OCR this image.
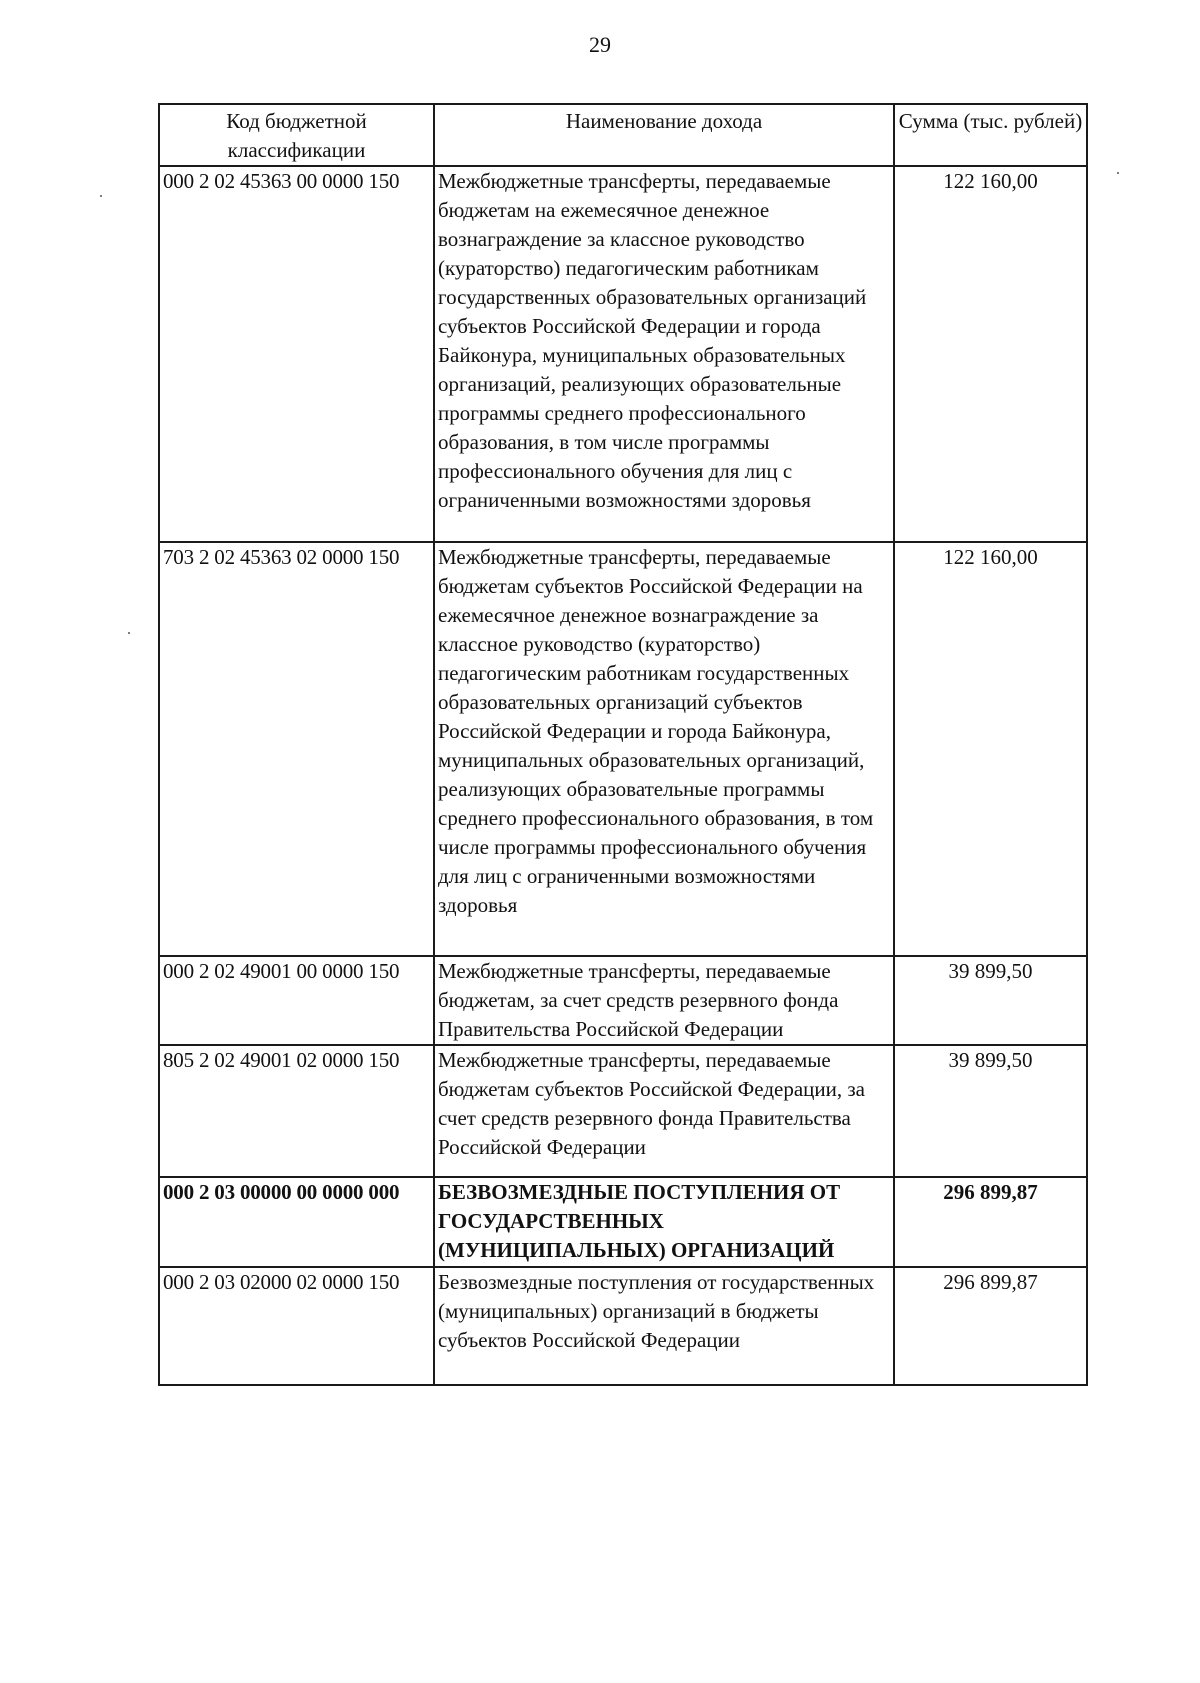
29
Код бюджетной классификации	Наименование дохода	Сумма (тыс. рублей)
000 2 02 45363 00 0000 150	Межбюджетные трансферты, передаваемые бюджетам на ежемесячное денежное вознаграждение за классное руководство (кураторство) педагогическим работникам государственных образовательных организаций субъектов Российской Федерации и города Байконура, муниципальных образовательных организаций, реализующих образовательные программы среднего профессионального образования, в том числе программы профессионального обучения для лиц с ограниченными возможностями здоровья	122 160,00
703 2 02 45363 02 0000 150	Межбюджетные трансферты, передаваемые бюджетам субъектов Российской Федерации на ежемесячное денежное вознаграждение за классное руководство (кураторство) педагогическим работникам государственных образовательных организаций субъектов Российской Федерации и города Байконура, муниципальных образовательных организаций, реализующих образовательные программы среднего профессионального образования, в том числе программы профессионального обучения для лиц с ограниченными возможностями здоровья	122 160,00
000 2 02 49001 00 0000 150	Межбюджетные трансферты, передаваемые бюджетам, за счет средств резервного фонда Правительства Российской Федерации	39 899,50
805 2 02 49001 02 0000 150	Межбюджетные трансферты, передаваемые бюджетам субъектов Российской Федерации, за счет средств резервного фонда Правительства Российской Федерации	39 899,50
000 2 03 00000 00 0000 000	БЕЗВОЗМЕЗДНЫЕ ПОСТУПЛЕНИЯ ОТ ГОСУДАРСТВЕННЫХ (МУНИЦИПАЛЬНЫХ) ОРГАНИЗАЦИЙ	296 899,87
000 2 03 02000 02 0000 150	Безвозмездные поступления от государственных (муниципальных) организаций в бюджеты субъектов Российской Федерации	296 899,87
